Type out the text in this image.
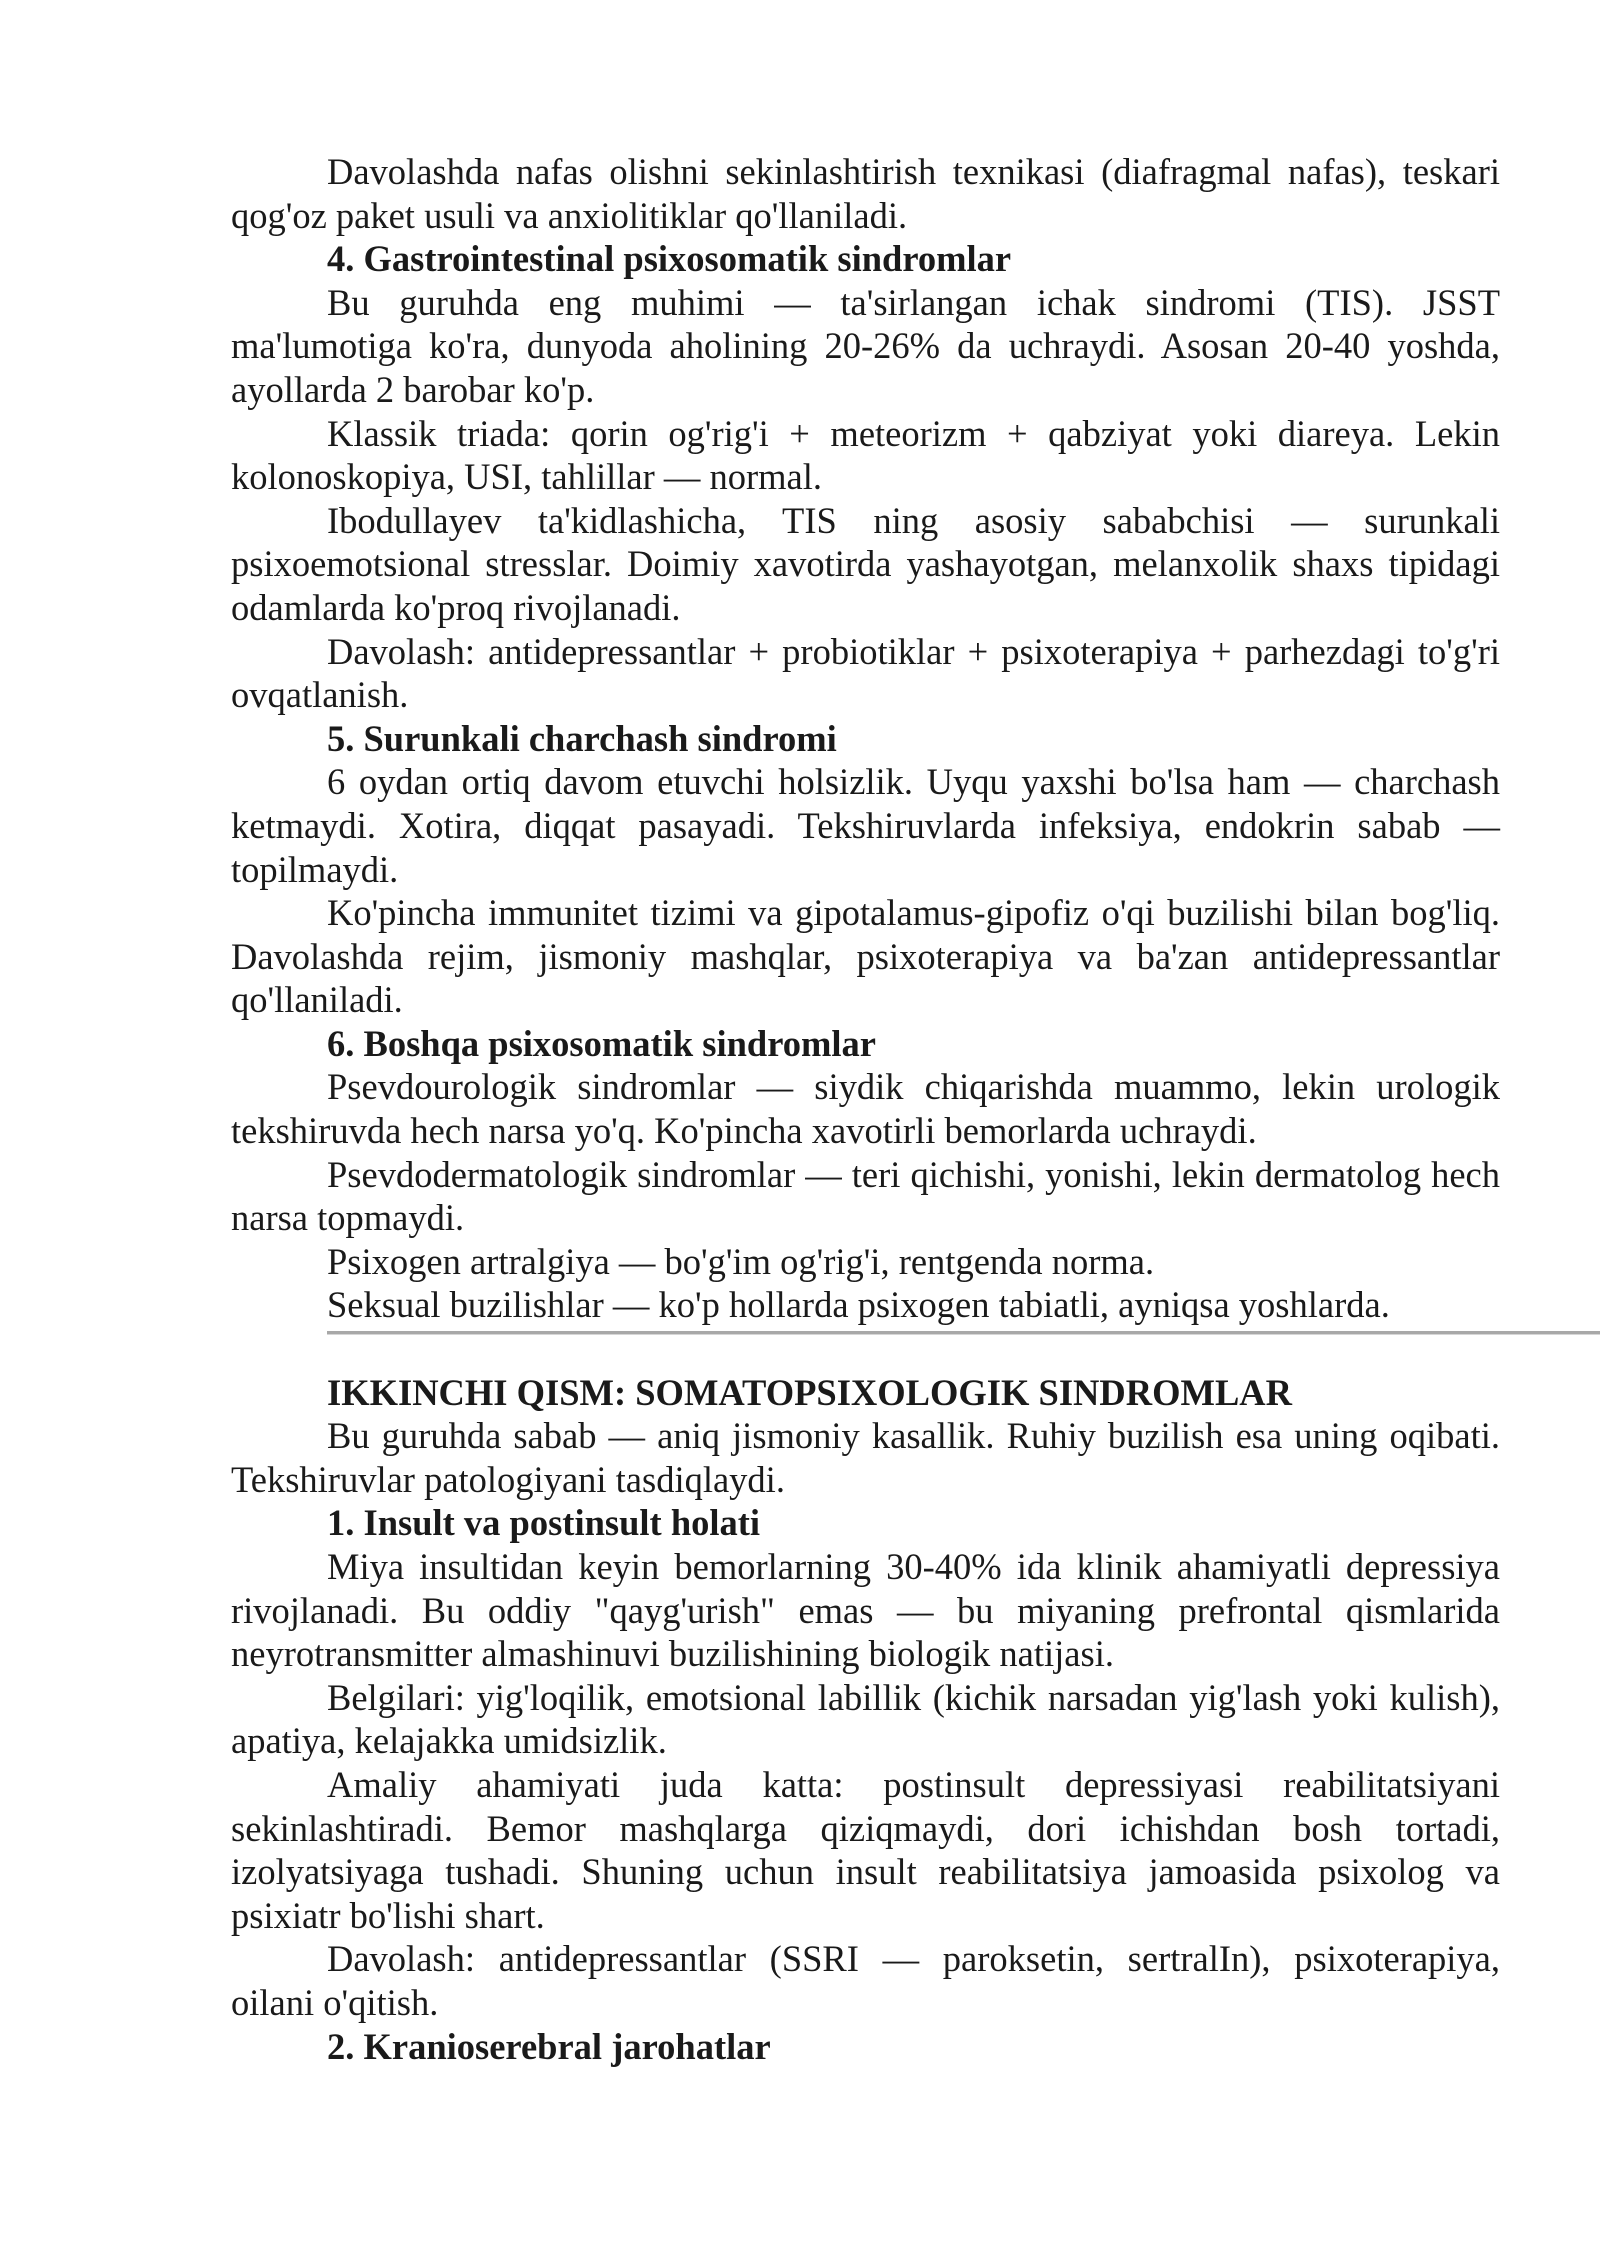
Davolashda nafas olishni sekinlashtirish texnikasi (diafragmal nafas), teskari qog'oz paket usuli va anxiolitiklar qo'llaniladi.

4. Gastrointestinal psixosomatik sindromlar

Bu guruhda eng muhimi — ta'sirlangan ichak sindromi (TIS). JSST ma'lumotiga ko'ra, dunyoda aholining 20-26% da uchraydi. Asosan 20-40 yoshda, ayollarda 2 barobar ko'p.

Klassik triada: qorin og'rig'i + meteorizm + qabziyat yoki diareya. Lekin kolonoskopiya, USI, tahlillar — normal.

Ibodullayev ta'kidlashicha, TIS ning asosiy sababchisi — surunkali psixoemotsional stresslar. Doimiy xavotirda yashayotgan, melanxolik shaxs tipidagi odamlarda ko'proq rivojlanadi.

Davolash: antidepressantlar + probiotiklar + psixoterapiya + parhezdagi to'g'ri ovqatlanish.

5. Surunkali charchash sindromi

6 oydan ortiq davom etuvchi holsizlik. Uyqu yaxshi bo'lsa ham — charchash ketmaydi. Xotira, diqqat pasayadi. Tekshiruvlarda infeksiya, endokrin sabab — topilmaydi.

Ko'pincha immunitet tizimi va gipotalamus-gipofiz o'qi buzilishi bilan bog'liq. Davolashda rejim, jismoniy mashqlar, psixoterapiya va ba'zan antidepressantlar qo'llaniladi.

6. Boshqa psixosomatik sindromlar

Psevdourologik sindromlar — siydik chiqarishda muammo, lekin urologik tekshiruvda hech narsa yo'q. Ko'pincha xavotirli bemorlarda uchraydi.

Psevdodermatologik sindromlar — teri qichishi, yonishi, lekin dermatolog hech narsa topmaydi.

Psixogen artralgiya — bo'g'im og'rig'i, rentgenda norma.

Seksual buzilishlar — ko'p hollarda psixogen tabiatli, ayniqsa yoshlarda.

IKKINCHI QISM: SOMATOPSIXOLOGIK SINDROMLAR

Bu guruhda sabab — aniq jismoniy kasallik. Ruhiy buzilish esa uning oqibati. Tekshiruvlar patologiyani tasdiqlaydi.

1. Insult va postinsult holati

Miya insultidan keyin bemorlarning 30-40% ida klinik ahamiyatli depressiya rivojlanadi. Bu oddiy "qayg'urish" emas — bu miyaning prefrontal qismlarida neyrotransmitter almashinuvi buzilishining biologik natijasi.

Belgilari: yig'loqilik, emotsional labillik (kichik narsadan yig'lash yoki kulish), apatiya, kelajakka umidsizlik.

Amaliy ahamiyati juda katta: postinsult depressiyasi reabilitatsiyani sekinlashtiradi. Bemor mashqlarga qiziqmaydi, dori ichishdan bosh tortadi, izolyatsiyaga tushadi. Shuning uchun insult reabilitatsiya jamoasida psixolog va psixiatr bo'lishi shart.

Davolash: antidepressantlar (SSRI — paroksetin, sertralIn), psixoterapiya, oilani o'qitish.

2. Kranioserebral jarohatlar
